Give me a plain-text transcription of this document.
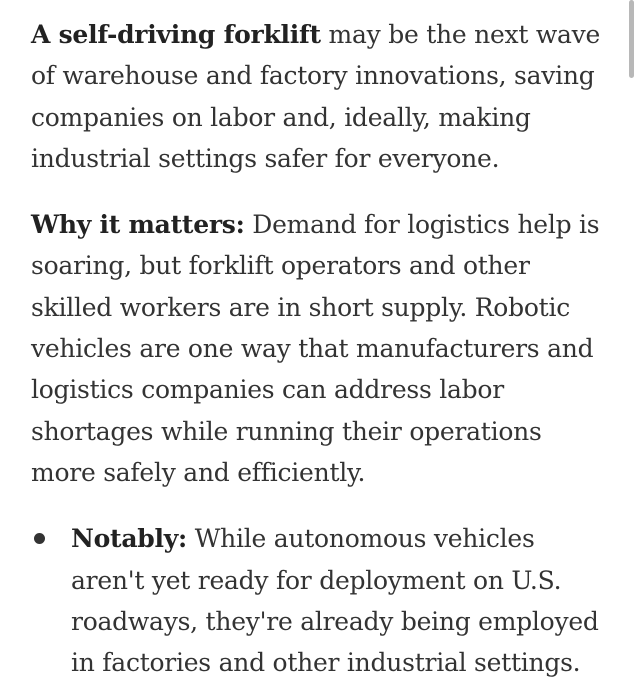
A self-driving forklift may be the next wave of warehouse and factory innovations, saving companies on labor and, ideally, making industrial settings safer for everyone.

Why it matters: Demand for logistics help is soaring, but forklift operators and other skilled workers are in short supply. Robotic vehicles are one way that manufacturers and logistics companies can address labor shortages while running their operations more safely and efficiently.

Notably: While autonomous vehicles aren't yet ready for deployment on U.S. roadways, they're already being employed in factories and other industrial settings.
